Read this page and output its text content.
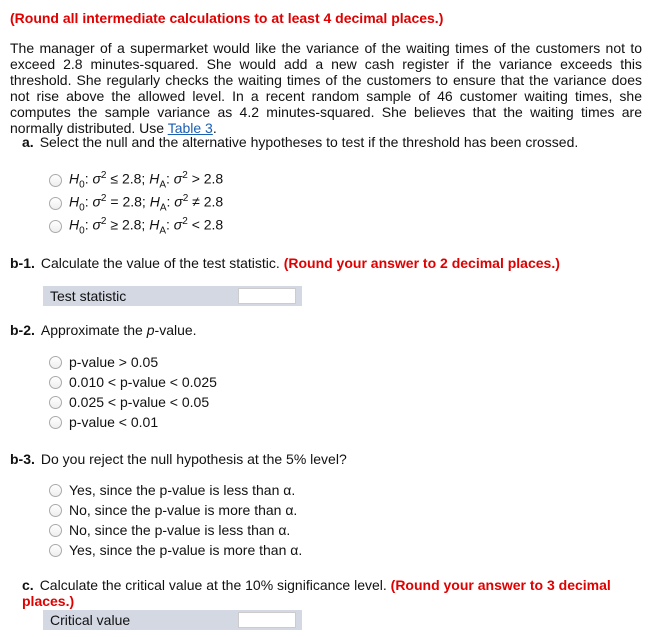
(Round all intermediate calculations to at least 4 decimal places.)
The manager of a supermarket would like the variance of the waiting times of the customers not to exceed 2.8 minutes-squared. She would add a new cash register if the variance exceeds this threshold. She regularly checks the waiting times of the customers to ensure that the variance does not rise above the allowed level. In a recent random sample of 46 customer waiting times, she computes the sample variance as 4.2 minutes-squared. She believes that the waiting times are normally distributed. Use Table 3.
a. Select the null and the alternative hypotheses to test if the threshold has been crossed.
b-1. Calculate the value of the test statistic. (Round your answer to 2 decimal places.)
Test statistic
b-2. Approximate the p-value.
p-value > 0.05
0.010 < p-value < 0.025
0.025 < p-value < 0.05
p-value < 0.01
b-3. Do you reject the null hypothesis at the 5% level?
Yes, since the p-value is less than α.
No, since the p-value is more than α.
No, since the p-value is less than α.
Yes, since the p-value is more than α.
c. Calculate the critical value at the 10% significance level. (Round your answer to 3 decimal places.)
Critical value
$H_0$: $\sigma^2 \le 2.8$; $H_A$: $\sigma^2 > 2.8$
$H_0$: $\sigma^2 = 2.8$; $H_A$: $\sigma^2 \ne 2.8$
$H_0$: $\sigma^2 \ge 2.8$; $H_A$: $\sigma^2 < 2.8$
